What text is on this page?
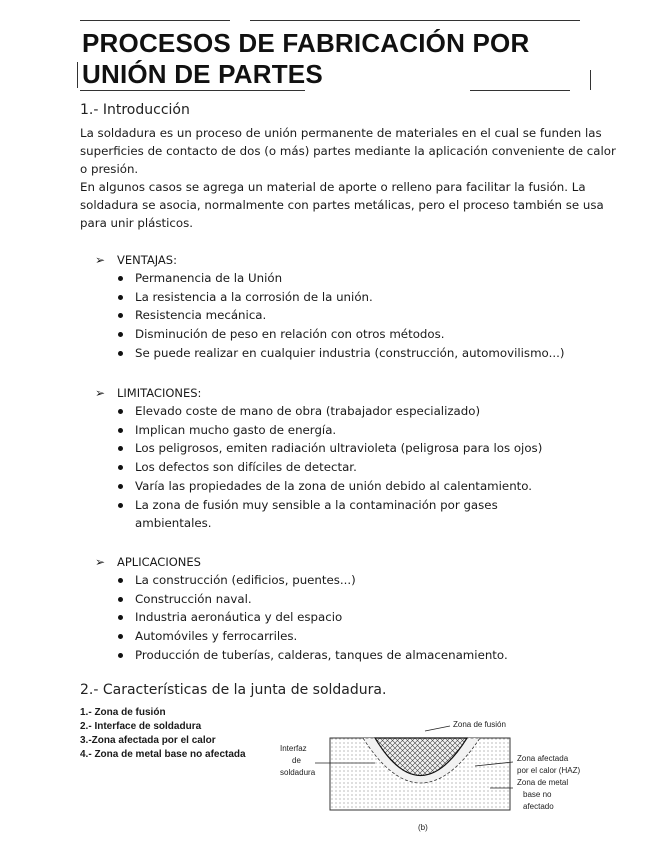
PROCESOS DE FABRICACIÓN POR
UNIÓN DE PARTES
1.- Introducción

La soldadura es un proceso de unión permanente de materiales en el cual se funden las superficies de contacto de dos (o más) partes mediante la aplicación conveniente de calor o presión.

En algunos casos se agrega un material de aporte o relleno para facilitar la fusión. La soldadura se asocia, normalmente con partes metálicas, pero el proceso también se usa para unir plásticos.

➢	VENTAJAS:
Permanencia de la Unión
La resistencia a la corrosión de la unión.
Resistencia mecánica.
Disminución de peso en relación con otros métodos.
Se puede realizar en cualquier industria (construcción, automovilismo...)
➢	LIMITACIONES:
Elevado coste de mano de obra (trabajador especializado)
Implican mucho gasto de energía.
Los peligrosos, emiten radiación ultravioleta (peligrosa para los ojos)
Los defectos son difíciles de detectar.
Varía las propiedades de la zona de unión debido al calentamiento.
La zona de fusión muy sensible a la contaminación por gases ambientales.
➢	APLICACIONES
La construcción (edificios, puentes...)
Construcción naval.
Industria aeronáutica y del espacio
Automóviles y ferrocarriles.
Producción de tuberías, calderas, tanques de almacenamiento.
2.- Características de la junta de soldadura.

1.- Zona de fusión

2.- Interface de soldadura

3.-Zona afectada por el calor

4.- Zona de metal base no afectada

Zona de fusión
Interfaz
de
soldadura
Zona afectada
por el calor (HAZ)
Zona de metal
base no
afectado
(b)
